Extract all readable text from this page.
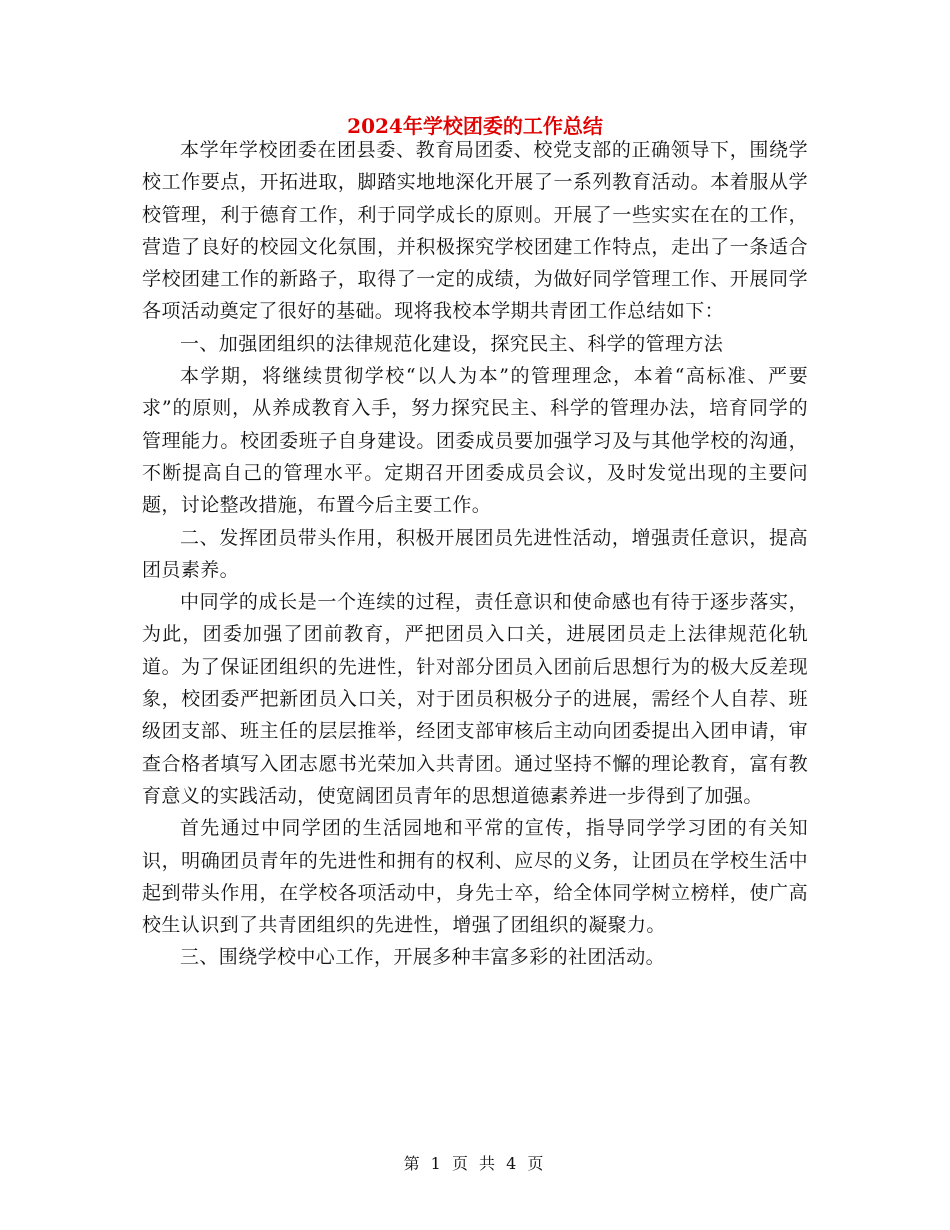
2024年学校团委的工作总结

本学年学校团委在团县委、教育局团委、校党支部的正确领导下，围绕学校工作要点，开拓进取，脚踏实地地深化开展了一系列教育活动。本着服从学校管理，利于德育工作，利于同学成长的原则。开展了一些实实在在的工作，营造了良好的校园文化氛围，并积极探究学校团建工作特点，走出了一条适合学校团建工作的新路子，取得了一定的成绩，为做好同学管理工作、开展同学各项活动奠定了很好的基础。现将我校本学期共青团工作总结如下：

一、加强团组织的法律规范化建设，探究民主、科学的管理方法

本学期，将继续贯彻学校“以人为本”的管理理念，本着“高标准、严要求”的原则，从养成教育入手，努力探究民主、科学的管理办法，培育同学的管理能力。校团委班子自身建设。团委成员要加强学习及与其他学校的沟通，不断提高自己的管理水平。定期召开团委成员会议，及时发觉出现的主要问题，讨论整改措施，布置今后主要工作。

二、发挥团员带头作用，积极开展团员先进性活动，增强责任意识，提高团员素养。

中同学的成长是一个连续的过程，责任意识和使命感也有待于逐步落实，为此，团委加强了团前教育，严把团员入口关，进展团员走上法律规范化轨道。为了保证团组织的先进性，针对部分团员入团前后思想行为的极大反差现象，校团委严把新团员入口关，对于团员积极分子的进展，需经个人自荐、班级团支部、班主任的层层推举，经团支部审核后主动向团委提出入团申请，审查合格者填写入团志愿书光荣加入共青团。通过坚持不懈的理论教育，富有教育意义的实践活动，使宽阔团员青年的思想道德素养进一步得到了加强。

首先通过中同学团的生活园地和平常的宣传，指导同学学习团的有关知识，明确团员青年的先进性和拥有的权利、应尽的义务，让团员在学校生活中起到带头作用，在学校各项活动中，身先士卒，给全体同学树立榜样，使广高校生认识到了共青团组织的先进性，增强了团组织的凝聚力。

三、围绕学校中心工作，开展多种丰富多彩的社团活动。

第 1 页 共 4 页
